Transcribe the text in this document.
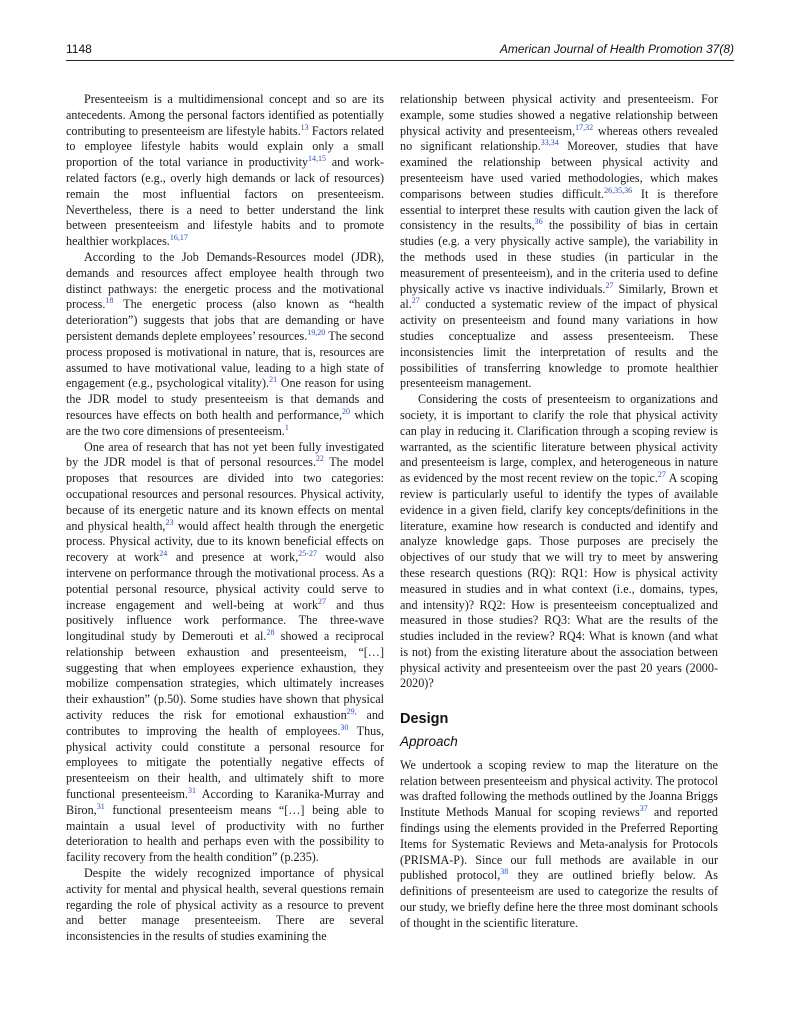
1148	American Journal of Health Promotion 37(8)

Presenteeism is a multidimensional concept and so are its antecedents. Among the personal factors identified as potentially contributing to presenteeism are lifestyle habits.$^{13}$ Factors related to employee lifestyle habits would explain only a small proportion of the total variance in productivity$^{14,15}$ and work-related factors (e.g., overly high demands or lack of resources) remain the most influential factors on presenteeism. Nevertheless, there is a need to better understand the link between presenteeism and lifestyle habits and to promote healthier workplaces.$^{16,17}$

According to the Job Demands-Resources model (JDR), demands and resources affect employee health through two distinct pathways: the energetic process and the motivational process.$^{18}$ The energetic process (also known as “health deterioration”) suggests that jobs that are demanding or have persistent demands deplete employees’ resources.$^{19,20}$ The second process proposed is motivational in nature, that is, resources are assumed to have motivational value, leading to a high state of engagement (e.g., psychological vitality).$^{21}$ One reason for using the JDR model to study presenteeism is that demands and resources have effects on both health and performance,$^{20}$ which are the two core dimensions of presenteeism.$^1$

One area of research that has not yet been fully investigated by the JDR model is that of personal resources.$^{22}$ The model proposes that resources are divided into two categories: occupational resources and personal resources. Physical activity, because of its energetic nature and its known effects on mental and physical health,$^{23}$ would affect health through the energetic process. Physical activity, due to its known beneficial effects on recovery at work$^{24}$ and presence at work,$^{25-27}$ would also intervene on performance through the motivational process. As a potential personal resource, physical activity could serve to increase engagement and well-being at work$^{27}$ and thus positively influence work performance. The three-wave longitudinal study by Demerouti et al.$^{28}$ showed a reciprocal relationship between exhaustion and presenteeism, “[…] suggesting that when employees experience exhaustion, they mobilize compensation strategies, which ultimately increases their exhaustion” (p.50). Some studies have shown that physical activity reduces the risk for emotional exhaustion$^{29,}$ and contributes to improving the health of employees.$^{30}$ Thus, physical activity could constitute a personal resource for employees to mitigate the potentially negative effects of presenteeism on their health, and ultimately shift to more functional presenteeism.$^{31}$ According to Karanika-Murray and Biron,$^{31}$ functional presenteeism means “[…] being able to maintain a usual level of productivity with no further deterioration to health and perhaps even with the possibility to facility recovery from the health condition” (p.235).

Despite the widely recognized importance of physical activity for mental and physical health, several questions remain regarding the role of physical activity as a resource to prevent and better manage presenteeism. There are several inconsistencies in the results of studies examining the

relationship between physical activity and presenteeism. For example, some studies showed a negative relationship between physical activity and presenteeism,$^{17,32}$ whereas others revealed no significant relationship.$^{33,34}$ Moreover, studies that have examined the relationship between physical activity and presenteeism have used varied methodologies, which makes comparisons between studies difficult.$^{26,35,36}$ It is therefore essential to interpret these results with caution given the lack of consistency in the results,$^{36}$ the possibility of bias in certain studies (e.g. a very physically active sample), the variability in the methods used in these studies (in particular in the measurement of presenteeism), and in the criteria used to define physically active vs inactive individuals.$^{27}$ Similarly, Brown et al.$^{27}$ conducted a systematic review of the impact of physical activity on presenteeism and found many variations in how studies conceptualize and assess presenteeism. These inconsistencies limit the interpretation of results and the possibilities of transferring knowledge to promote healthier presenteeism management.

Considering the costs of presenteeism to organizations and society, it is important to clarify the role that physical activity can play in reducing it. Clarification through a scoping review is warranted, as the scientific literature between physical activity and presenteeism is large, complex, and heterogeneous in nature as evidenced by the most recent review on the topic.$^{27}$ A scoping review is particularly useful to identify the types of available evidence in a given field, clarify key concepts/definitions in the literature, examine how research is conducted and identify and analyze knowledge gaps. Those purposes are precisely the objectives of our study that we will try to meet by answering these research questions (RQ): RQ1: How is physical activity measured in studies and in what context (i.e., domains, types, and intensity)? RQ2: How is presenteeism conceptualized and measured in those studies? RQ3: What are the results of the studies included in the review? RQ4: What is known (and what is not) from the existing literature about the association between physical activity and presenteeism over the past 20 years (2000-2020)?

Design
Approach

We undertook a scoping review to map the literature on the relation between presenteeism and physical activity. The protocol was drafted following the methods outlined by the Joanna Briggs Institute Methods Manual for scoping reviews$^{37}$ and reported findings using the elements provided in the Preferred Reporting Items for Systematic Reviews and Meta-analysis for Protocols (PRISMA-P). Since our full methods are available in our published protocol,$^{38}$ they are outlined briefly below. As definitions of presenteeism are used to categorize the results of our study, we briefly define here the three most dominant schools of thought in the scientific literature.
